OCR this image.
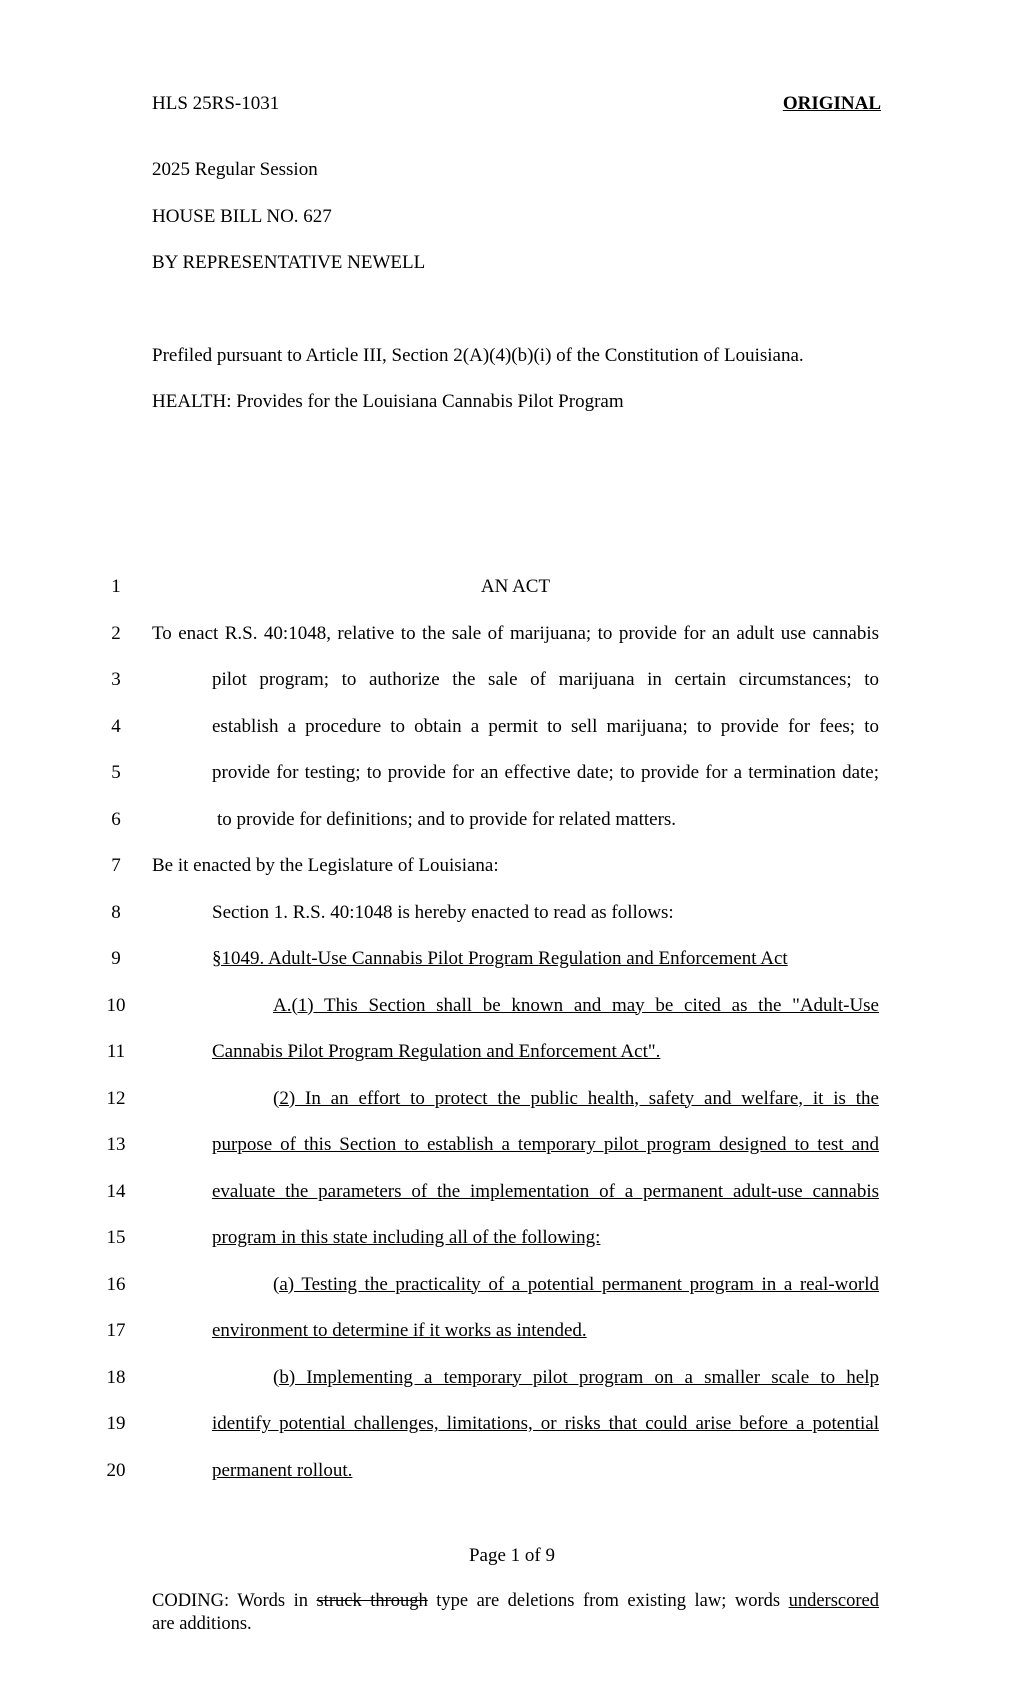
HLS 25RS-1031	ORIGINAL
2025 Regular Session
HOUSE BILL NO. 627
BY REPRESENTATIVE NEWELL
Prefiled pursuant to Article III, Section 2(A)(4)(b)(i) of the Constitution of Louisiana.
HEALTH: Provides for the Louisiana Cannabis Pilot Program
1	AN ACT
2	To enact R.S. 40:1048, relative to the sale of marijuana; to provide for an adult use cannabis
3	pilot program; to authorize the sale of marijuana in certain circumstances; to
4	establish a procedure to obtain a permit to sell marijuana; to provide for fees; to
5	provide for testing; to provide for an effective date; to provide for a termination date;
6	to provide for definitions; and to provide for related matters.
7	Be it enacted by the Legislature of Louisiana:
8	Section 1. R.S. 40:1048 is hereby enacted to read as follows:
9	§1049. Adult-Use Cannabis Pilot Program Regulation and Enforcement Act
10	A.(1) This Section shall be known and may be cited as the "Adult-Use
11	Cannabis Pilot Program Regulation and Enforcement Act".
12	(2) In an effort to protect the public health, safety and welfare, it is the
13	purpose of this Section to establish a temporary pilot program designed to test and
14	evaluate the parameters of the implementation of a permanent adult-use cannabis
15	program in this state including all of the following:
16	(a) Testing the practicality of a potential permanent program in a real-world
17	environment to determine if it works as intended.
18	(b) Implementing a temporary pilot program on a smaller scale to help
19	identify potential challenges, limitations, or risks that could arise before a potential
20	permanent rollout.
Page 1 of 9
CODING: Words in struck through type are deletions from existing law; words underscored
are additions.
